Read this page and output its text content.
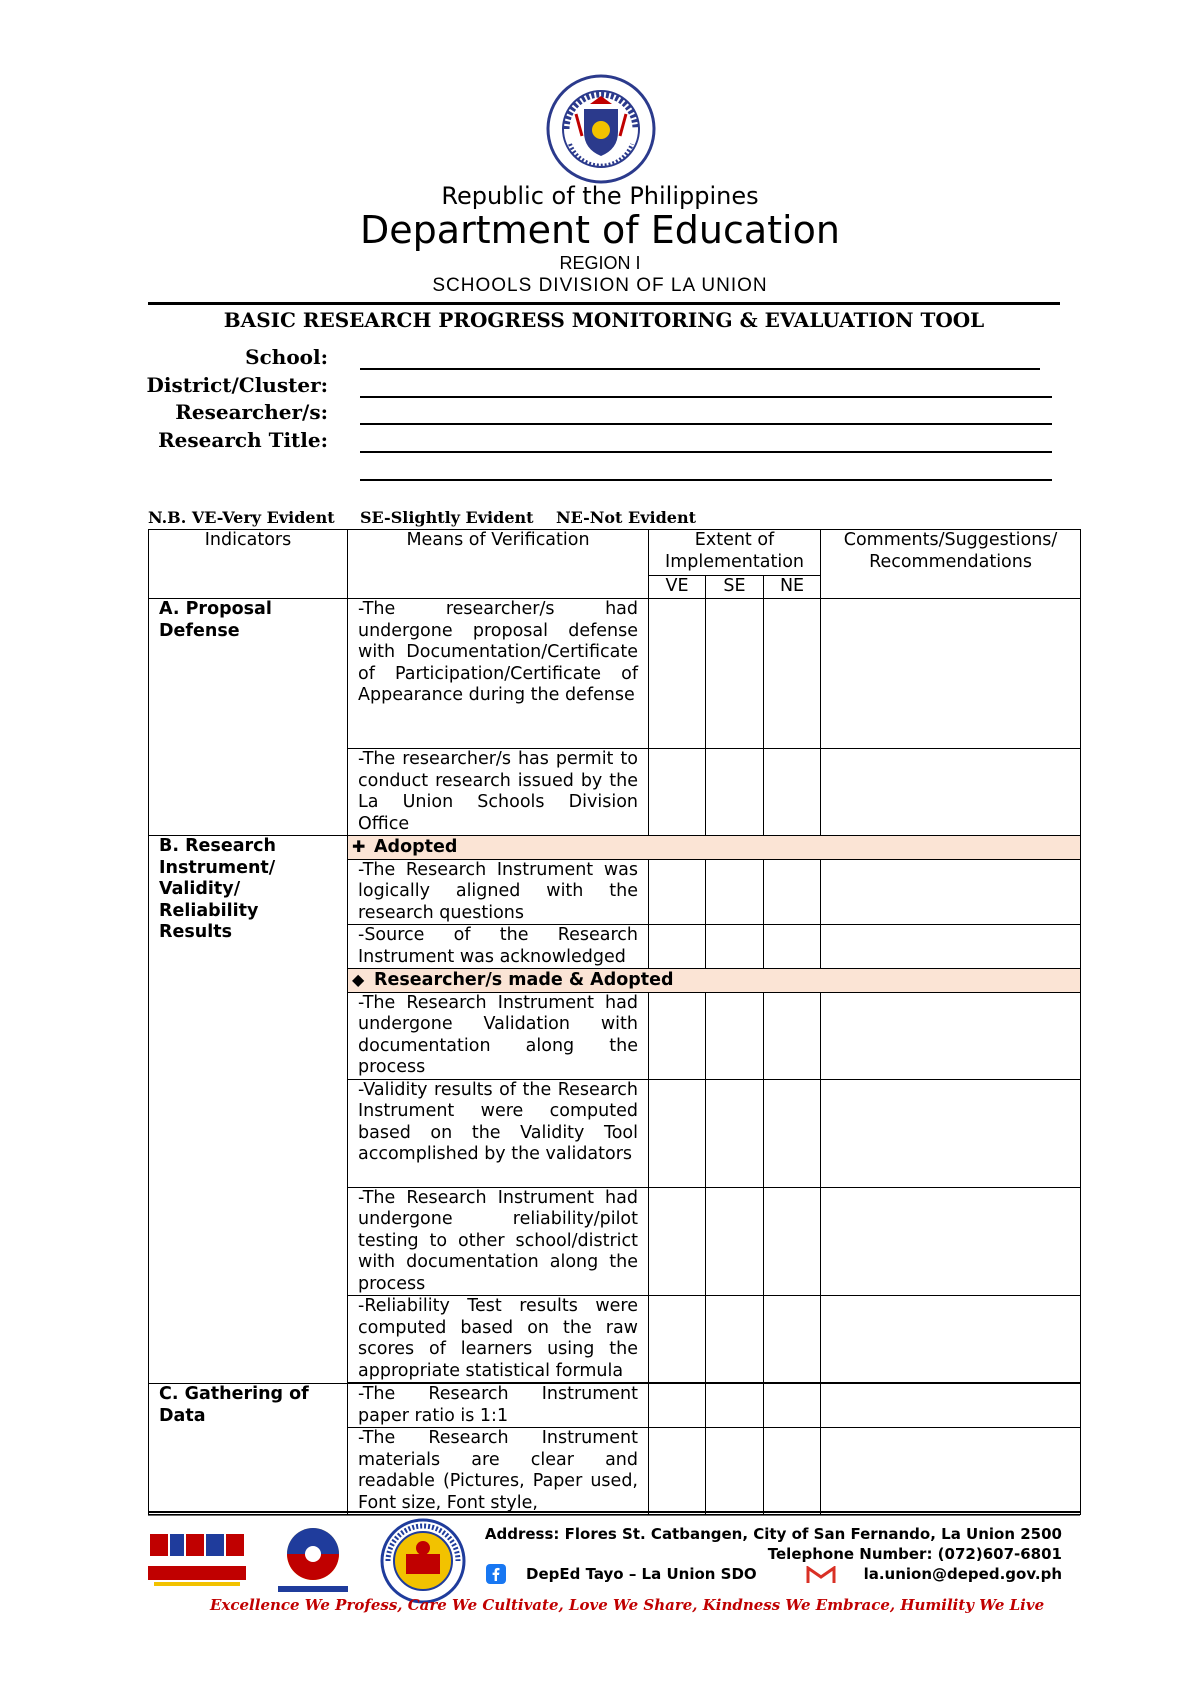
Republic of the Philippines
Department of Education
REGION I
SCHOOLS DIVISION OF LA UNION
BASIC RESEARCH PROGRESS MONITORING & EVALUATION TOOL
School:
District/Cluster:
Researcher/s:
Research Title:
N.B. VE-Very Evident SE-Slightly Evident NE-Not Evident
Indicators	Means of Verification	Extent of Implementation			Comments/Suggestions/ Recommendations
		VE	SE	NE	
A. Proposal Defense	-The researcher/s had undergone proposal defense with Documentation/Certificate of Participation/Certificate of Appearance during the defense				
	-The researcher/s has permit to conduct research issued by the La Union Schools Division Office				
B. Research Instrument/ Validity/ Reliability Results	✚ Adopted				
	-The Research Instrument was logically aligned with the research questions				
	-Source of the Research Instrument was acknowledged				
	◆ Researcher/s made & Adopted				
	-The Research Instrument had undergone Validation with documentation along the process				
	-Validity results of the Research Instrument were computed based on the Validity Tool accomplished by the validators				
	-The Research Instrument had undergone reliability/pilot testing to other school/district with documentation along the process				
	-Reliability Test results were computed based on the raw scores of learners using the appropriate statistical formula				

C. Gathering of Data	-The Research Instrument paper ratio is 1:1				
	-The Research Instrument materials are clear and readable (Pictures, Paper used, Font size, Font style,				
Address: Flores St. Catbangen, City of San Fernando, La Union 2500
Telephone Number: (072)607-6801
DepEd Tayo – La Union SDO	la.union@deped.gov.ph
Excellence We Profess, Care We Cultivate, Love We Share, Kindness We Embrace, Humility We Live
